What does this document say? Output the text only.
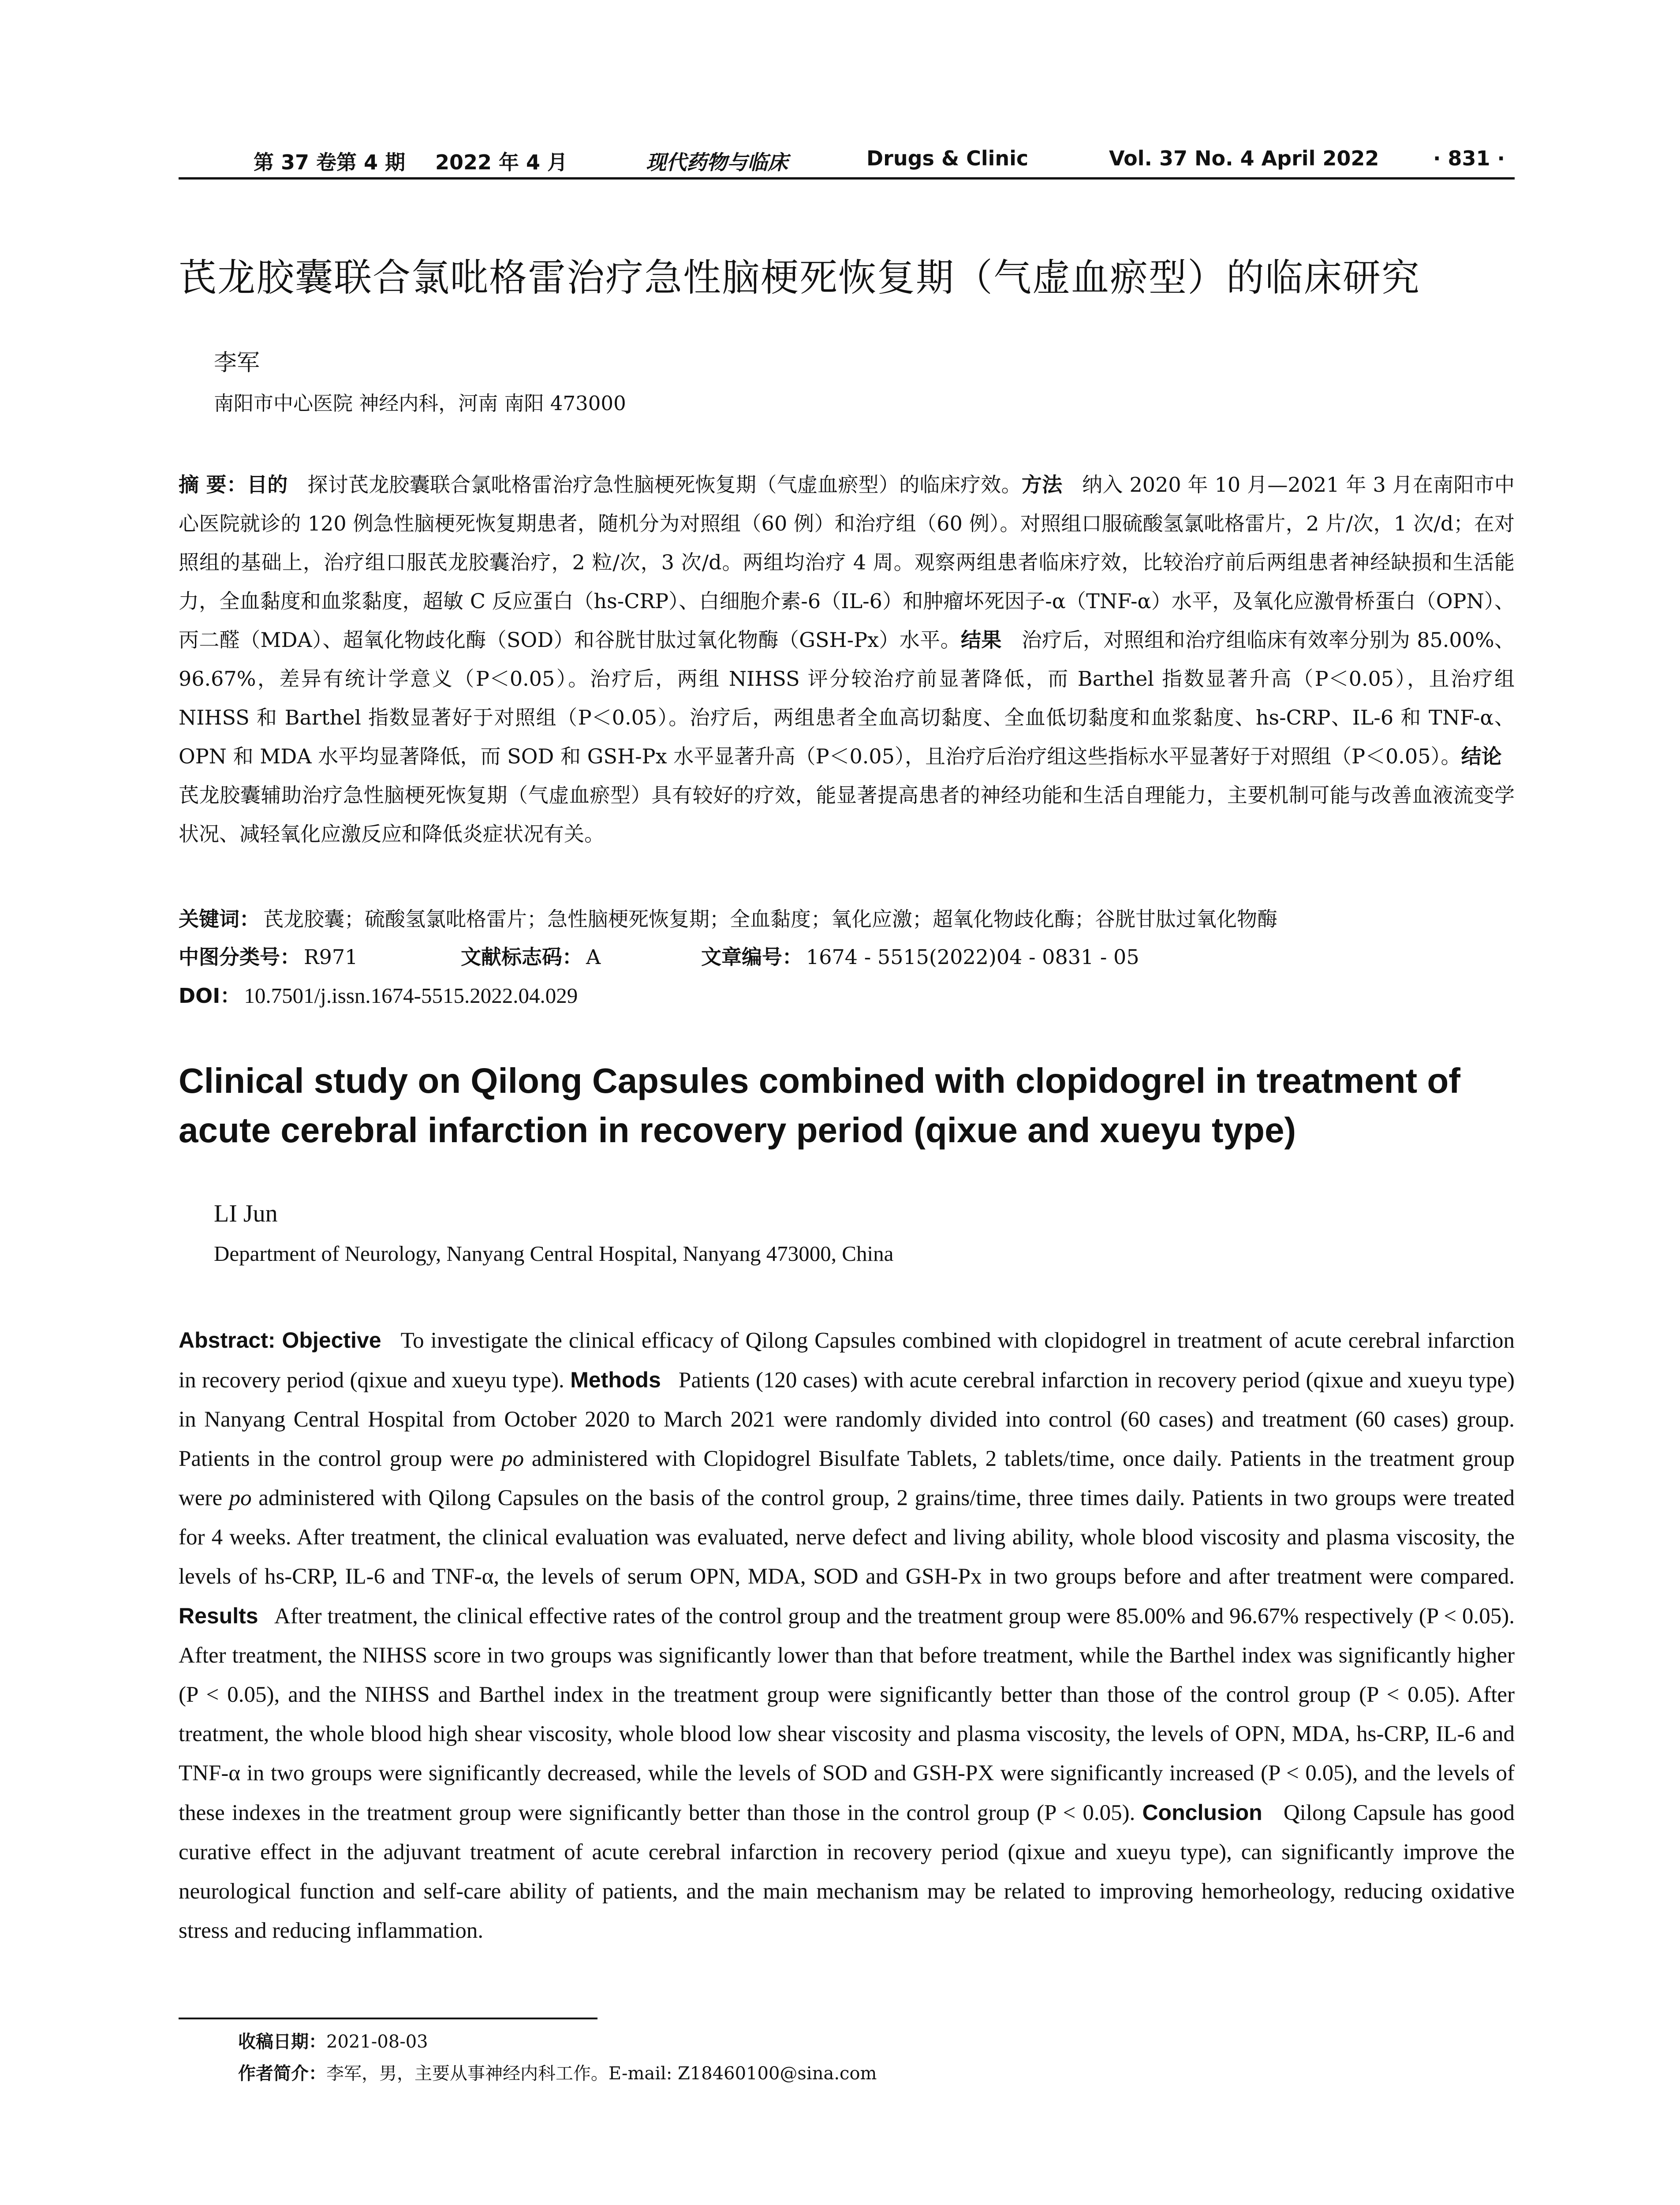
第 37 卷第 4 期 2022 年 4 月	现代药物与临床	Drugs & Clinic	Vol. 37 No. 4 April 2022	· 831 ·
芪龙胶囊联合氯吡格雷治疗急性脑梗死恢复期（气虚血瘀型）的临床研究
李军
南阳市中心医院 神经内科，河南 南阳 473000
摘 要：目的 探讨芪龙胶囊联合氯吡格雷治疗急性脑梗死恢复期（气虚血瘀型）的临床疗效。方法 纳入 2020 年 10 月—2021 年 3 月在南阳市中心医院就诊的 120 例急性脑梗死恢复期患者，随机分为对照组（60 例）和治疗组（60 例）。对照组口服硫酸氢氯吡格雷片，2 片/次，1 次/d；在对照组的基础上，治疗组口服芪龙胶囊治疗，2 粒/次，3 次/d。两组均治疗 4 周。观察两组患者临床疗效，比较治疗前后两组患者神经缺损和生活能力，全血黏度和血浆黏度，超敏 C 反应蛋白（hs-CRP）、白细胞介素-6（IL-6）和肿瘤坏死因子-α（TNF-α）水平，及氧化应激骨桥蛋白（OPN）、丙二醛（MDA）、超氧化物歧化酶（SOD）和谷胱甘肽过氧化物酶（GSH-Px）水平。结果 治疗后，对照组和治疗组临床有效率分别为 85.00%、96.67%，差异有统计学意义（P＜0.05）。治疗后，两组 NIHSS 评分较治疗前显著降低，而 Barthel 指数显著升高（P＜0.05），且治疗组 NIHSS 和 Barthel 指数显著好于对照组（P＜0.05）。治疗后，两组患者全血高切黏度、全血低切黏度和血浆黏度、hs-CRP、IL-6 和 TNF-α、OPN 和 MDA 水平均显著降低，而 SOD 和 GSH-Px 水平显著升高（P＜0.05），且治疗后治疗组这些指标水平显著好于对照组（P＜0.05）。结论   芪龙胶囊辅助治疗急性脑梗死恢复期（气虚血瘀型）具有较好的疗效，能显著提高患者的神经功能和生活自理能力，主要机制可能与改善血液流变学状况、减轻氧化应激反应和降低炎症状况有关。
关键词： 芪龙胶囊；硫酸氢氯吡格雷片；急性脑梗死恢复期；全血黏度；氧化应激；超氧化物歧化酶；谷胱甘肽过氧化物酶
中图分类号： R971	文献标志码： A	文章编号： 1674 - 5515(2022)04 - 0831 - 05
DOI： 10.7501/j.issn.1674-5515.2022.04.029
Clinical study on Qilong Capsules combined with clopidogrel in treatment of
acute cerebral infarction in recovery period (qixue and xueyu type)
LI Jun
Department of Neurology, Nanyang Central Hospital, Nanyang 473000, China
Abstract: Objective To investigate the clinical efficacy of Qilong Capsules combined with clopidogrel in treatment of acute cerebral infarction in recovery period (qixue and xueyu type). Methods Patients (120 cases) with acute cerebral infarction in recovery period (qixue and xueyu type) in Nanyang Central Hospital from October 2020 to March 2021 were randomly divided into control (60 cases) and treatment (60 cases) group. Patients in the control group were po administered with Clopidogrel Bisulfate Tablets, 2 tablets/time, once daily. Patients in the treatment group were po administered with Qilong Capsules on the basis of the control group, 2 grains/time, three times daily. Patients in two groups were treated for 4 weeks. After treatment, the clinical evaluation was evaluated, nerve defect and living ability, whole blood viscosity and plasma viscosity, the levels of hs-CRP, IL-6 and TNF-α, the levels of serum OPN, MDA, SOD and GSH-Px in two groups before and after treatment were compared. Results After treatment, the clinical effective rates of the control group and the treatment group were 85.00% and 96.67% respectively (P < 0.05). After treatment, the NIHSS score in two groups was significantly lower than that before treatment, while the Barthel index was significantly higher (P < 0.05), and the NIHSS and Barthel index in the treatment group were significantly better than those of the control group (P < 0.05). After treatment, the whole blood high shear viscosity, whole blood low shear viscosity and plasma viscosity, the levels of OPN, MDA, hs-CRP, IL-6 and TNF-α in two groups were significantly decreased, while the levels of SOD and GSH-PX were significantly increased (P < 0.05), and the levels of these indexes in the treatment group were significantly better than those in the control group (P < 0.05). Conclusion Qilong Capsule has good curative effect in the adjuvant treatment of acute cerebral infarction in recovery period (qixue and xueyu type), can significantly improve the neurological function and self-care ability of patients, and the main mechanism may be related to improving hemorheology, reducing oxidative stress and reducing inflammation.
收稿日期：2021-08-03
作者简介：李军，男，主要从事神经内科工作。E-mail: Z18460100@sina.com
